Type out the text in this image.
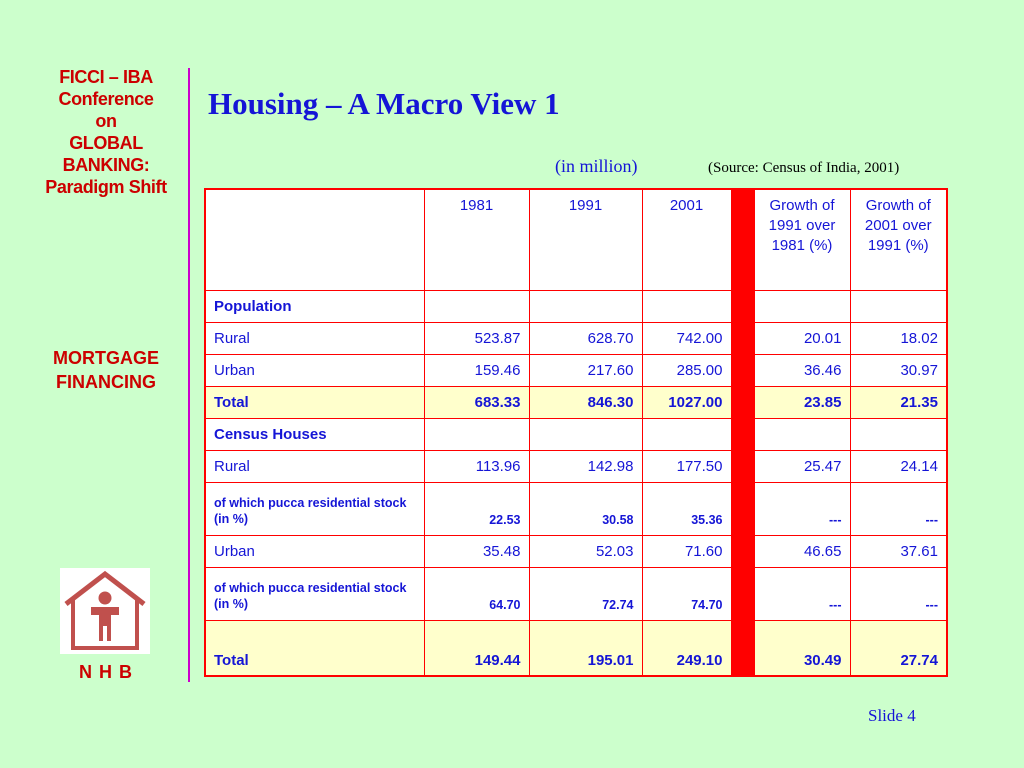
FICCI – IBA
Conference
on
GLOBAL
BANKING:
Paradigm Shift
MORTGAGE
FINANCING
N H B
Housing – A Macro View 1
(in million)	(Source: Census of India, 2001)
	1981	1991	2001		Growth of 1991 over 1981 (%)	Growth of 2001 over 1991 (%)
Population						
Rural	523.87	628.70	742.00		20.01	18.02
Urban	159.46	217.60	285.00		36.46	30.97
Total	683.33	846.30	1027.00		23.85	21.35
Census Houses						
Rural	113.96	142.98	177.50		25.47	24.14
of which pucca residential stock (in %)	22.53	30.58	35.36		---	---
Urban	35.48	52.03	71.60		46.65	37.61
of which pucca residential stock (in %)	64.70	72.74	74.70		---	---
Total	149.44	195.01	249.10		30.49	27.74
Slide 4
